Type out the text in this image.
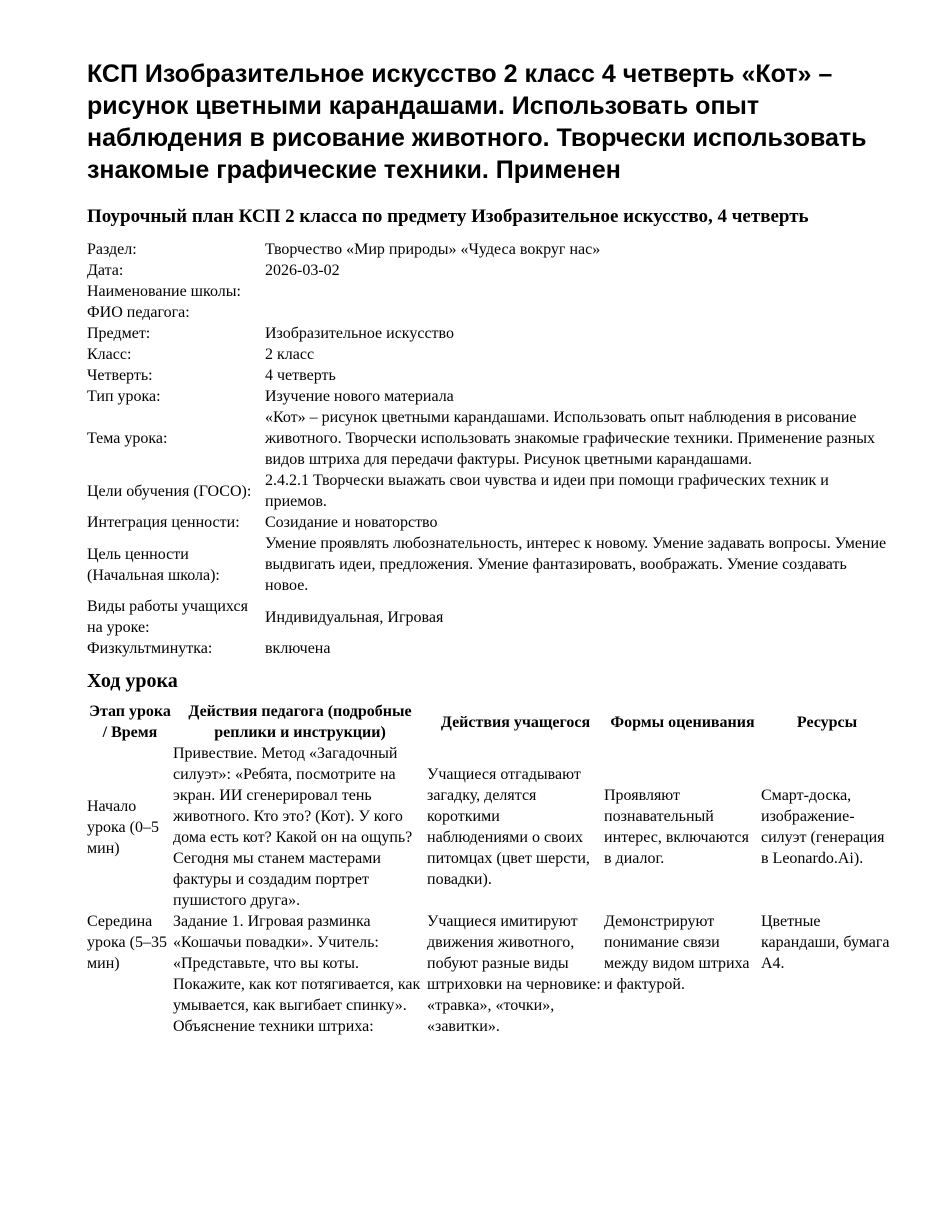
КСП Изобразительное искусство 2 класс 4 четверть «Кот» – рисунок цветными карандашами. Использовать опыт наблюдения в рисование животного. Творчески использовать знакомые графические техники. Применен
Поурочный план КСП 2 класса по предмету Изобразительное искусство, 4 четверть
Раздел:	Творчество «Мир природы» «Чудеса вокруг нас»
Дата:	2026-03-02
Наименование школы:	
ФИО педагога:	
Предмет:	Изобразительное искусство
Класс:	2 класс
Четверть:	4 четверть
Тип урока:	Изучение нового материала
Тема урока:	«Кот» – рисунок цветными карандашами. Использовать опыт наблюдения в рисование животного. Творчески использовать знакомые графические техники. Применение разных видов штриха для передачи фактуры. Рисунок цветными карандашами.
Цели обучения (ГОСО):	2.4.2.1 Творчески выажать свои чувства и идеи при помощи графических техник и приемов.
Интеграция ценности:	Созидание и новаторство
Цель ценности (Начальная школа):	Умение проявлять любознательность, интерес к новому. Умение задавать вопросы. Умение выдвигать идеи, предложения. Умение фантазировать, воображать. Умение создавать новое.
Виды работы учащихся на уроке:	Индивидуальная, Игровая
Физкультминутка:	включена
Ход урока
Этап урока / Время	Действия педагога (подробные реплики и инструкции)	Действия учащегося	Формы оценивания	Ресурсы
Начало урока (0–5 мин)	Привествие. Метод «Загадочный силуэт»: «Ребята, посмотрите на экран. ИИ сгенерировал тень животного. Кто это? (Кот). У кого дома есть кот? Какой он на ощупь? Сегодня мы станем мастерами фактуры и создадим портрет пушистого друга».	Учащиеся отгадывают загадку, делятся короткими наблюдениями о своих питомцах (цвет шерсти, повадки).	Проявляют познавательный интерес, включаются в диалог.	Смарт-доска, изображение-силуэт (генерация в Leonardo.Ai).
Середина урока (5–35 мин)	Задание 1. Игровая разминка «Кошачьи повадки». Учитель: «Представьте, что вы коты. Покажите, как кот потягивается, как умывается, как выгибает спинку». Объяснение техники штриха:	Учащиеся имитируют движения животного, побуют разные виды штриховки на черновике: «травка», «точки», «завитки».	Демонстрируют понимание связи между видом штриха и фактурой.	Цветные карандаши, бумага А4.
